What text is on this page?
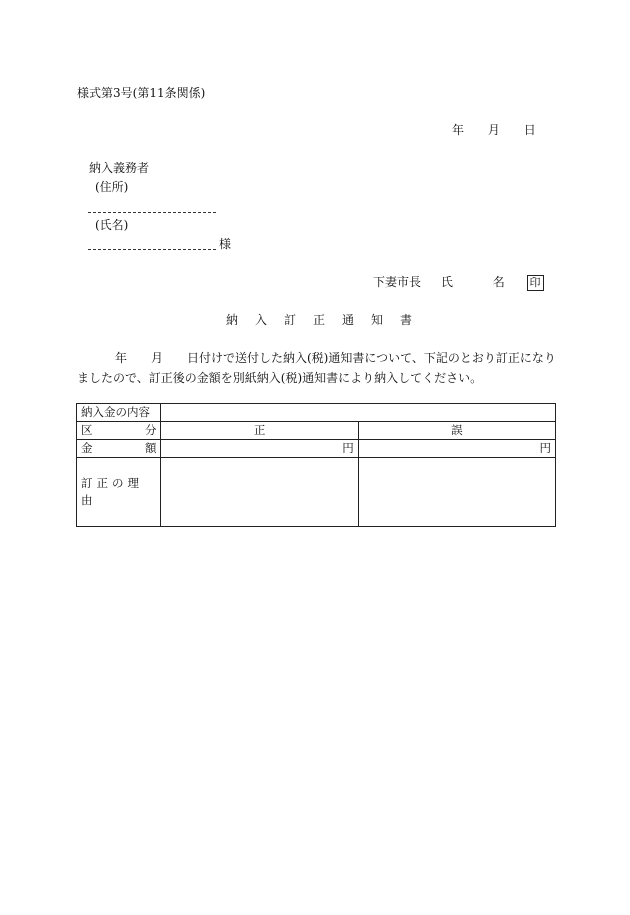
様式第3号(第11条関係)
年 月 日
納入義務者
(住所)
(氏名)
様
下妻市長 氏	名 印
納入訂正通知書
年　　月　　日付けで送付した納入(税)通知書について、下記のとおり訂正になりましたので、訂正後の金額を別紙納入(税)通知書により納入してください。
納入金の内容		

区 分	正	誤

金 額	円	円
訂正の理由		
